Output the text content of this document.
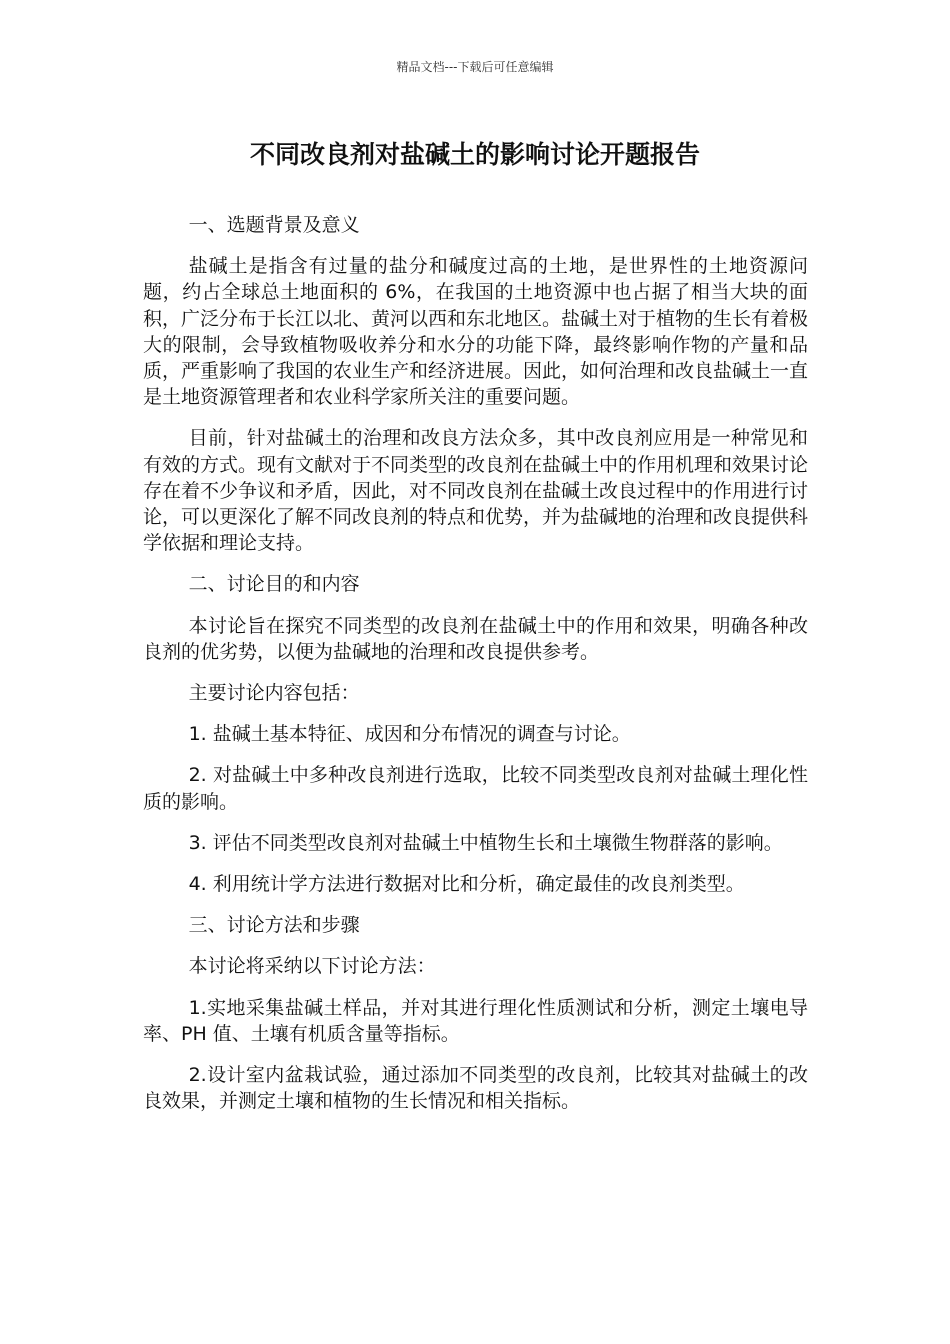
精品文档---下载后可任意编辑
不同改良剂对盐碱土的影响讨论开题报告
一、选题背景及意义

盐碱土是指含有过量的盐分和碱度过高的土地，是世界性的土地资源问题，约占全球总土地面积的 6%，在我国的土地资源中也占据了相当大块的面积，广泛分布于长江以北、黄河以西和东北地区。盐碱土对于植物的生长有着极大的限制，会导致植物吸收养分和水分的功能下降，最终影响作物的产量和品质，严重影响了我国的农业生产和经济进展。因此，如何治理和改良盐碱土一直是土地资源管理者和农业科学家所关注的重要问题。

目前，针对盐碱土的治理和改良方法众多，其中改良剂应用是一种常见和有效的方式。现有文献对于不同类型的改良剂在盐碱土中的作用机理和效果讨论存在着不少争议和矛盾，因此，对不同改良剂在盐碱土改良过程中的作用进行讨论，可以更深化了解不同改良剂的特点和优势，并为盐碱地的治理和改良提供科学依据和理论支持。

二、讨论目的和内容

本讨论旨在探究不同类型的改良剂在盐碱土中的作用和效果，明确各种改良剂的优劣势，以便为盐碱地的治理和改良提供参考。

主要讨论内容包括：

1. 盐碱土基本特征、成因和分布情况的调查与讨论。

2. 对盐碱土中多种改良剂进行选取，比较不同类型改良剂对盐碱土理化性质的影响。

3. 评估不同类型改良剂对盐碱土中植物生长和土壤微生物群落的影响。

4. 利用统计学方法进行数据对比和分析，确定最佳的改良剂类型。

三、讨论方法和步骤

本讨论将采纳以下讨论方法：

1.实地采集盐碱土样品，并对其进行理化性质测试和分析，测定土壤电导率、PH 值、土壤有机质含量等指标。

2.设计室内盆栽试验，通过添加不同类型的改良剂，比较其对盐碱土的改良效果，并测定土壤和植物的生长情况和相关指标。
